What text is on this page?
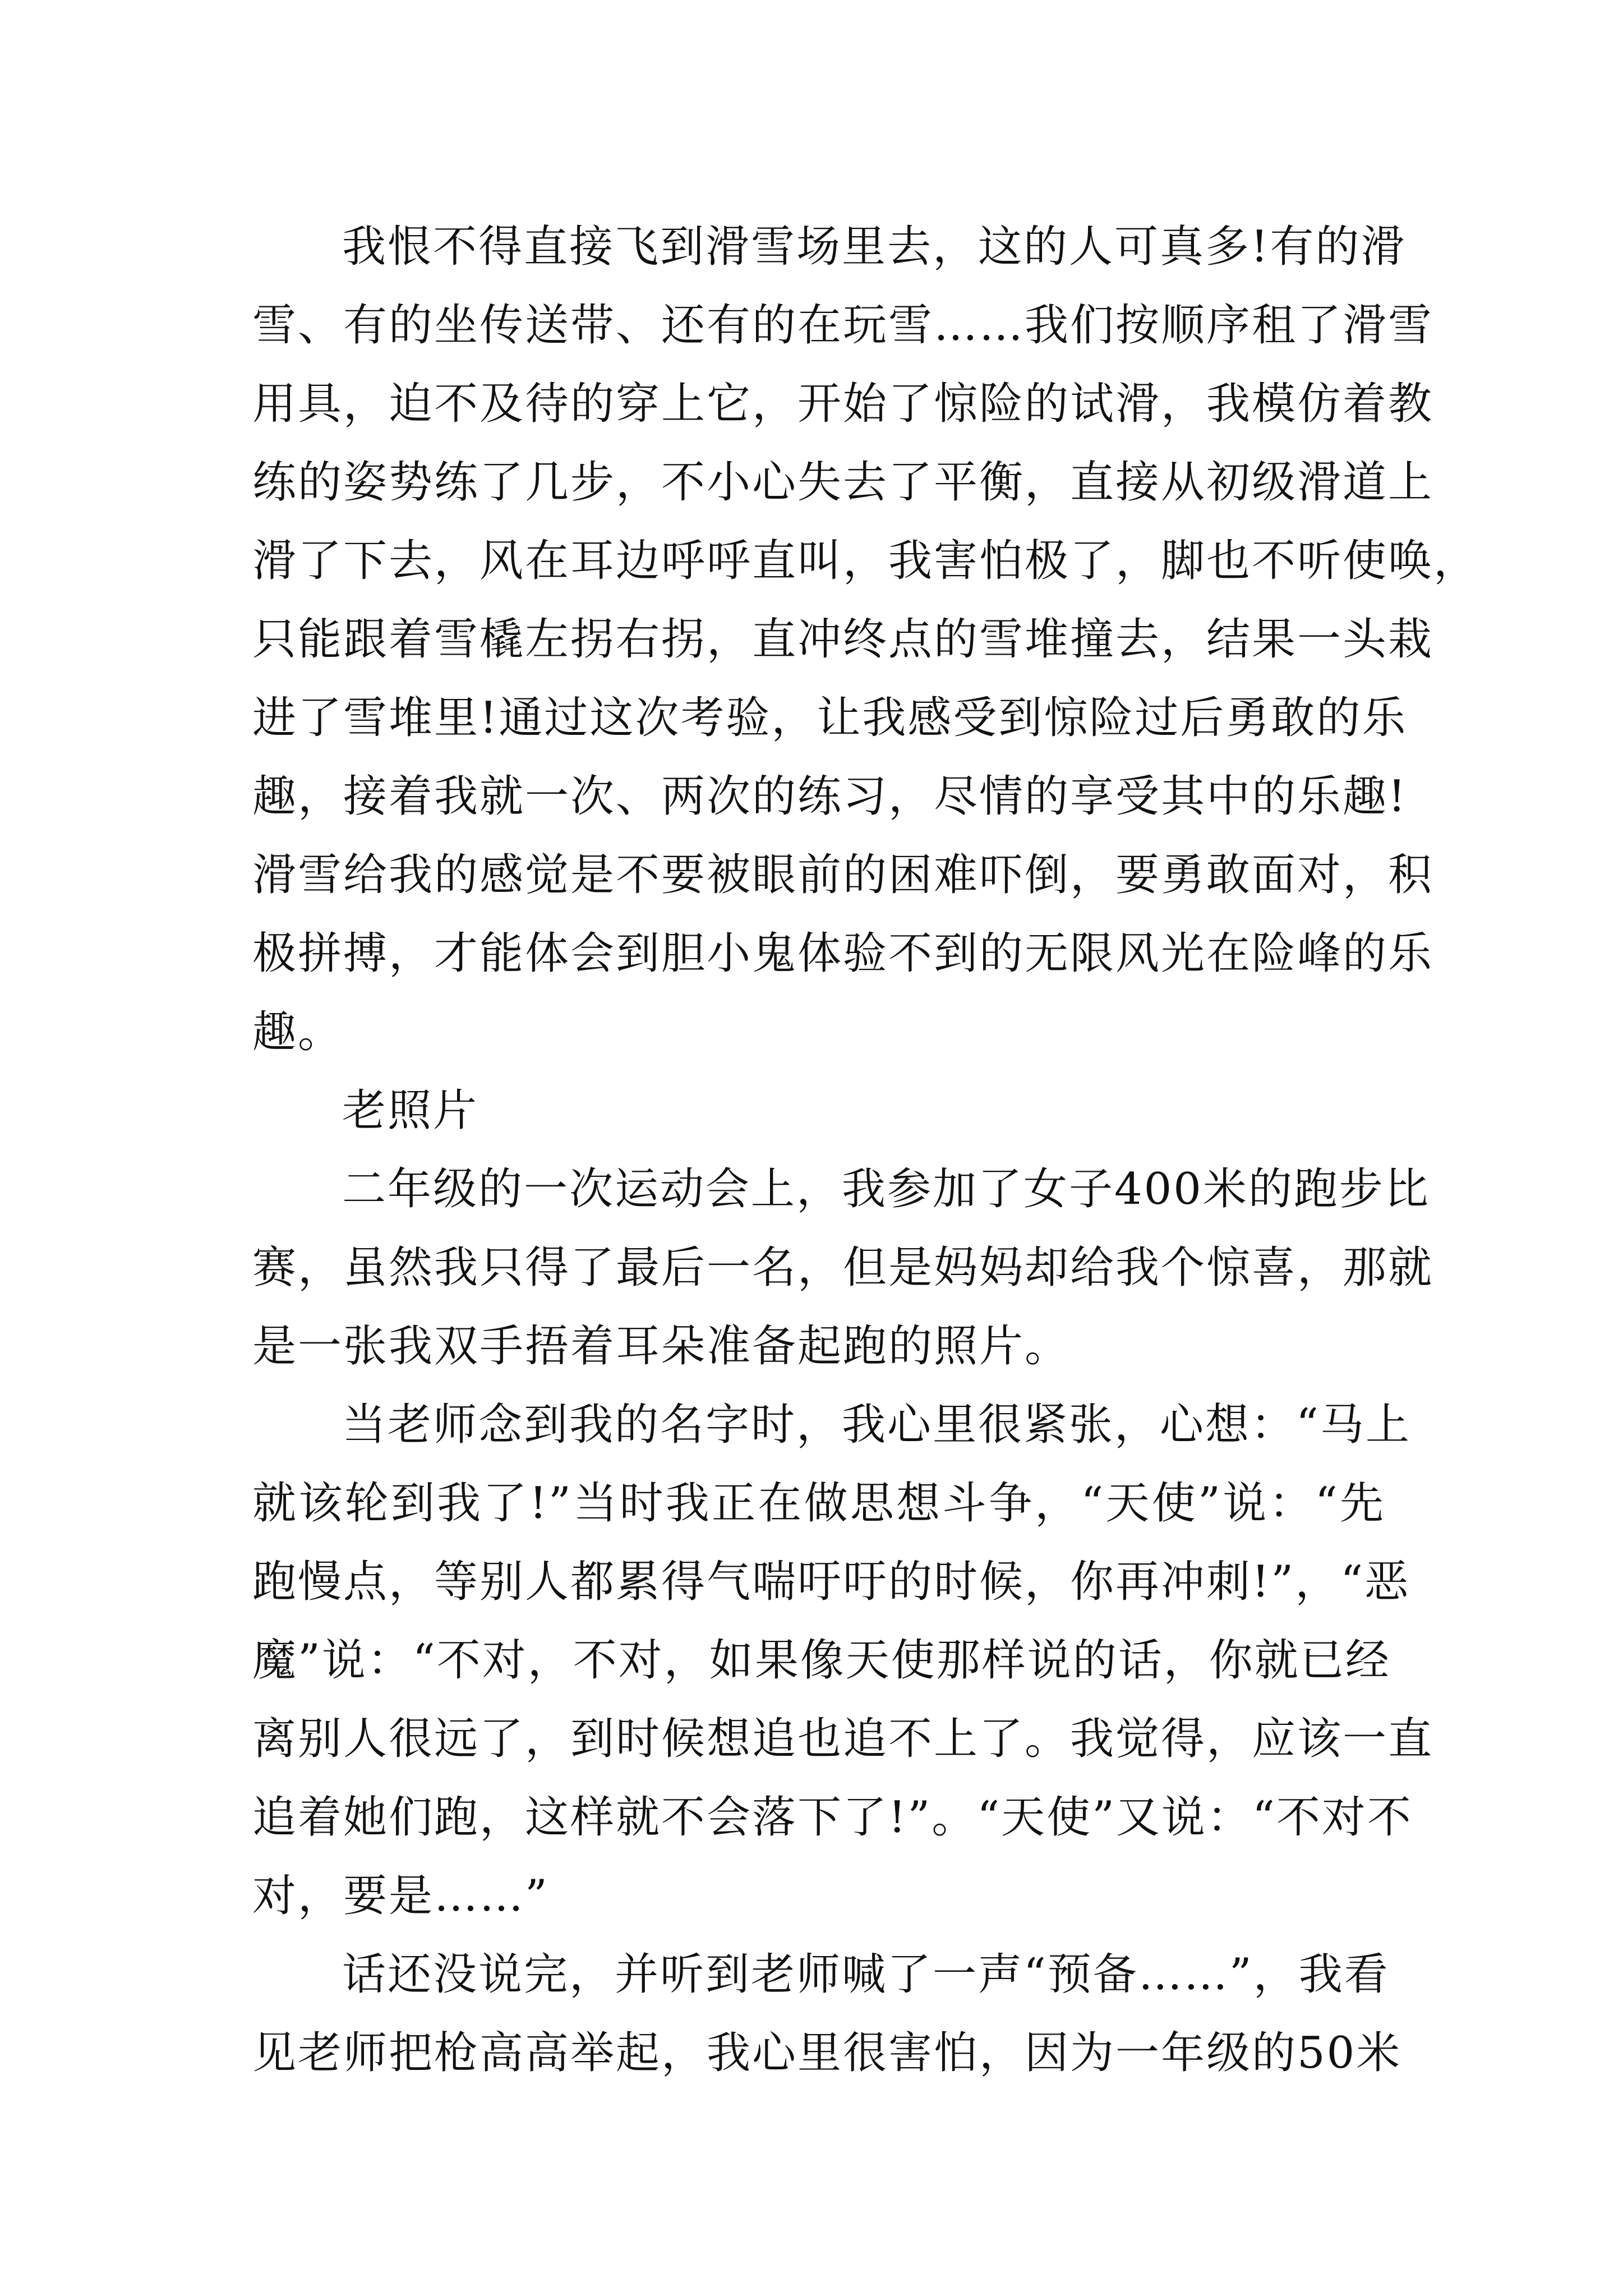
我恨不得直接飞到滑雪场里去，这的人可真多!有的滑
雪、有的坐传送带、还有的在玩雪……我们按顺序租了滑雪
用具，迫不及待的穿上它，开始了惊险的试滑，我模仿着教
练的姿势练了几步，不小心失去了平衡，直接从初级滑道上
滑了下去，风在耳边呼呼直叫，我害怕极了，脚也不听使唤，
只能跟着雪橇左拐右拐，直冲终点的雪堆撞去，结果一头栽
进了雪堆里!通过这次考验，让我感受到惊险过后勇敢的乐
趣，接着我就一次、两次的练习，尽情的享受其中的乐趣!
滑雪给我的感觉是不要被眼前的困难吓倒，要勇敢面对，积
极拼搏，才能体会到胆小鬼体验不到的无限风光在险峰的乐
趣。
老照片
二年级的一次运动会上，我参加了女子400米的跑步比
赛，虽然我只得了最后一名，但是妈妈却给我个惊喜，那就
是一张我双手捂着耳朵准备起跑的照片。
当老师念到我的名字时，我心里很紧张，心想：“马上
就该轮到我了!”当时我正在做思想斗争，“天使”说：“先
跑慢点，等别人都累得气喘吁吁的时候，你再冲刺!”，“恶
魔”说：“不对，不对，如果像天使那样说的话，你就已经
离别人很远了，到时候想追也追不上了。我觉得，应该一直
追着她们跑，这样就不会落下了!”。“天使”又说：“不对不
对，要是……”
话还没说完，并听到老师喊了一声“预备……”，我看
见老师把枪高高举起，我心里很害怕，因为一年级的50米
